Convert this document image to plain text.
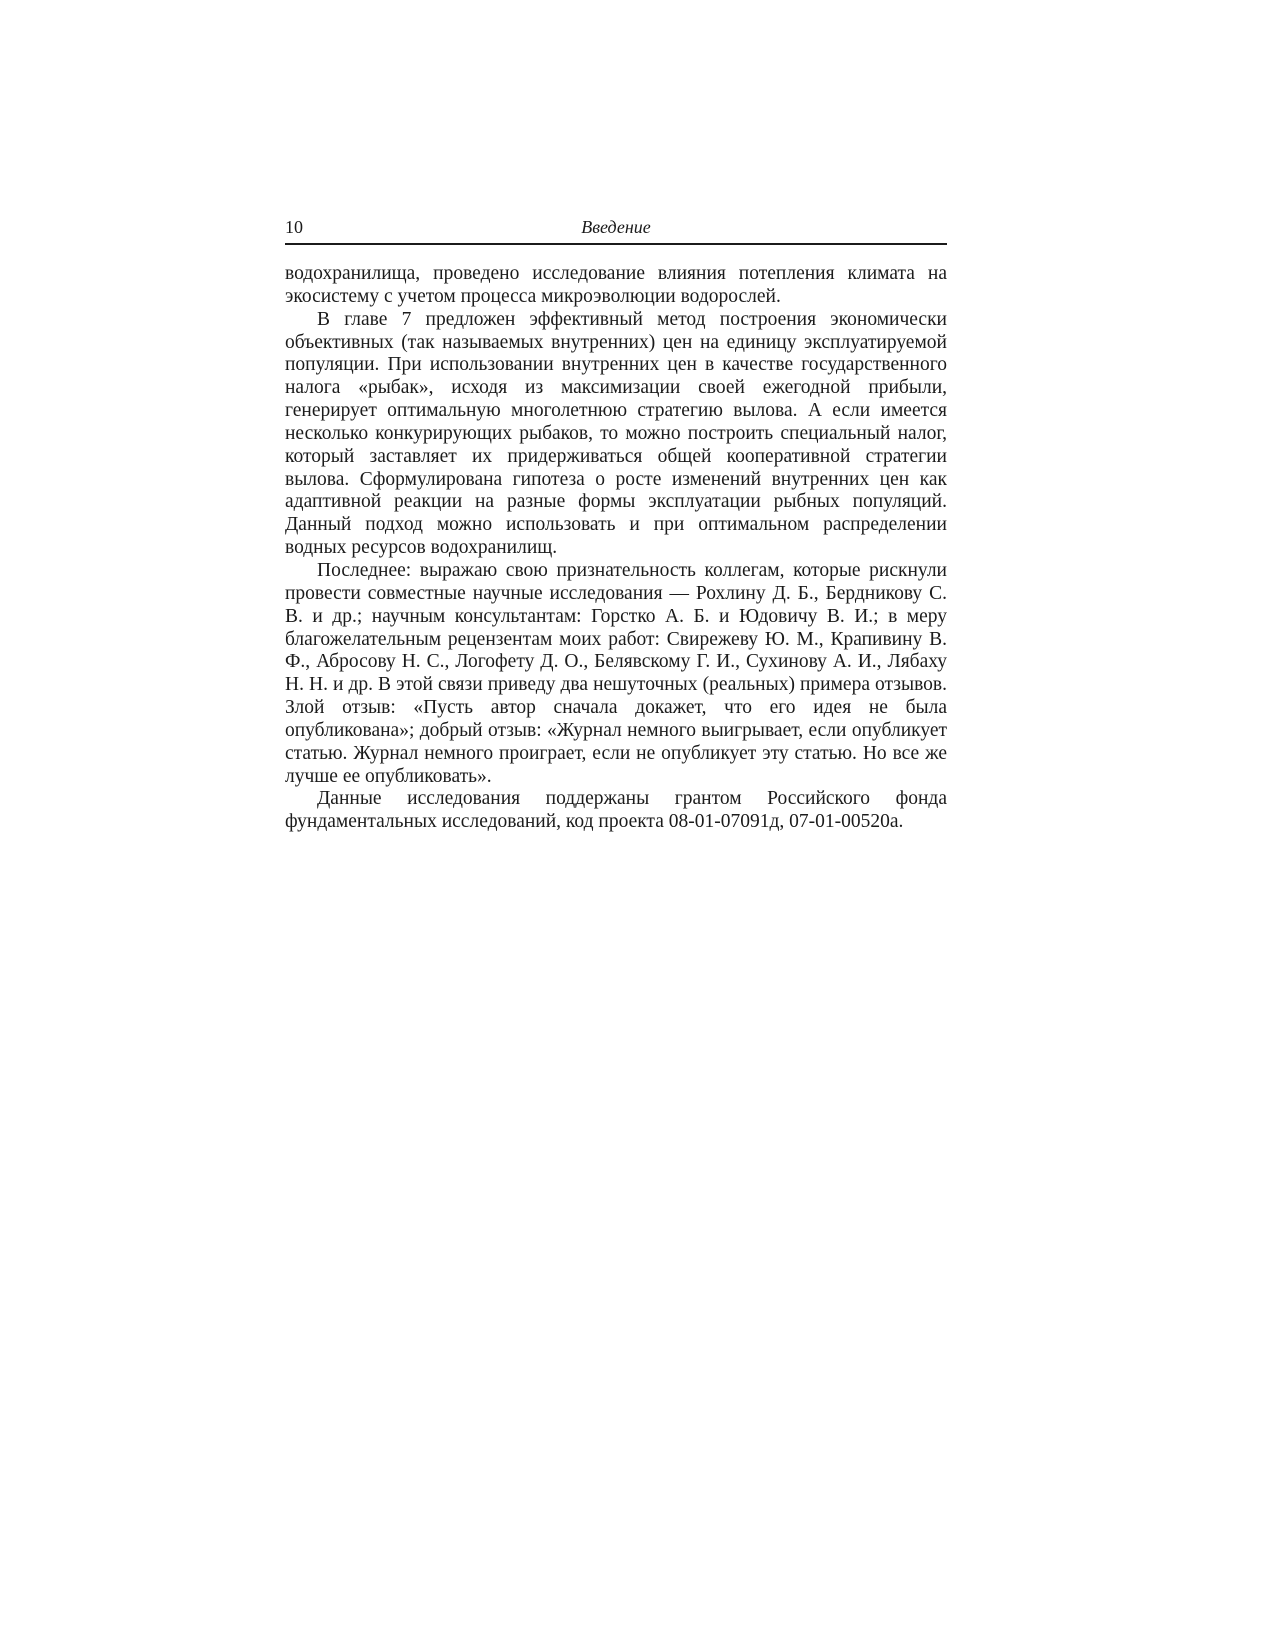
10	Введение

водохранилища, проведено исследование влияния потепления климата на экосистему с учетом процесса микроэволюции водорослей.

В главе 7 предложен эффективный метод построения экономически объективных (так называемых внутренних) цен на единицу эксплуатируемой популяции. При использовании внутренних цен в качестве государственного налога «рыбак», исходя из максимизации своей ежегодной прибыли, генерирует оптимальную многолетнюю стратегию вылова. А если имеется несколько конкурирующих рыбаков, то можно построить специальный налог, который заставляет их придерживаться общей кооперативной стратегии вылова. Сформулирована гипотеза о росте изменений внутренних цен как адаптивной реакции на разные формы эксплуатации рыбных популяций. Данный подход можно использовать и при оптимальном распределении водных ресурсов водохранилищ.

Последнее: выражаю свою признательность коллегам, которые рискнули провести совместные научные исследования — Рохлину Д. Б., Бердникову С. В. и др.; научным консультантам: Горстко А. Б. и Юдовичу В. И.; в меру благожелательным рецензентам моих работ: Свирежеву Ю. М., Крапивину В. Ф., Абросову Н. С., Логофету Д. О., Белявскому Г. И., Сухинову А. И., Лябаху Н. Н. и др. В этой связи приведу два нешуточных (реальных) примера отзывов. Злой отзыв: «Пусть автор сначала докажет, что его идея не была опубликована»; добрый отзыв: «Журнал немного выигрывает, если опубликует статью. Журнал немного проиграет, если не опубликует эту статью. Но все же лучше ее опубликовать».

Данные исследования поддержаны грантом Российского фонда фундаментальных исследований, код проекта 08-01-07091д, 07-01-00520а.
